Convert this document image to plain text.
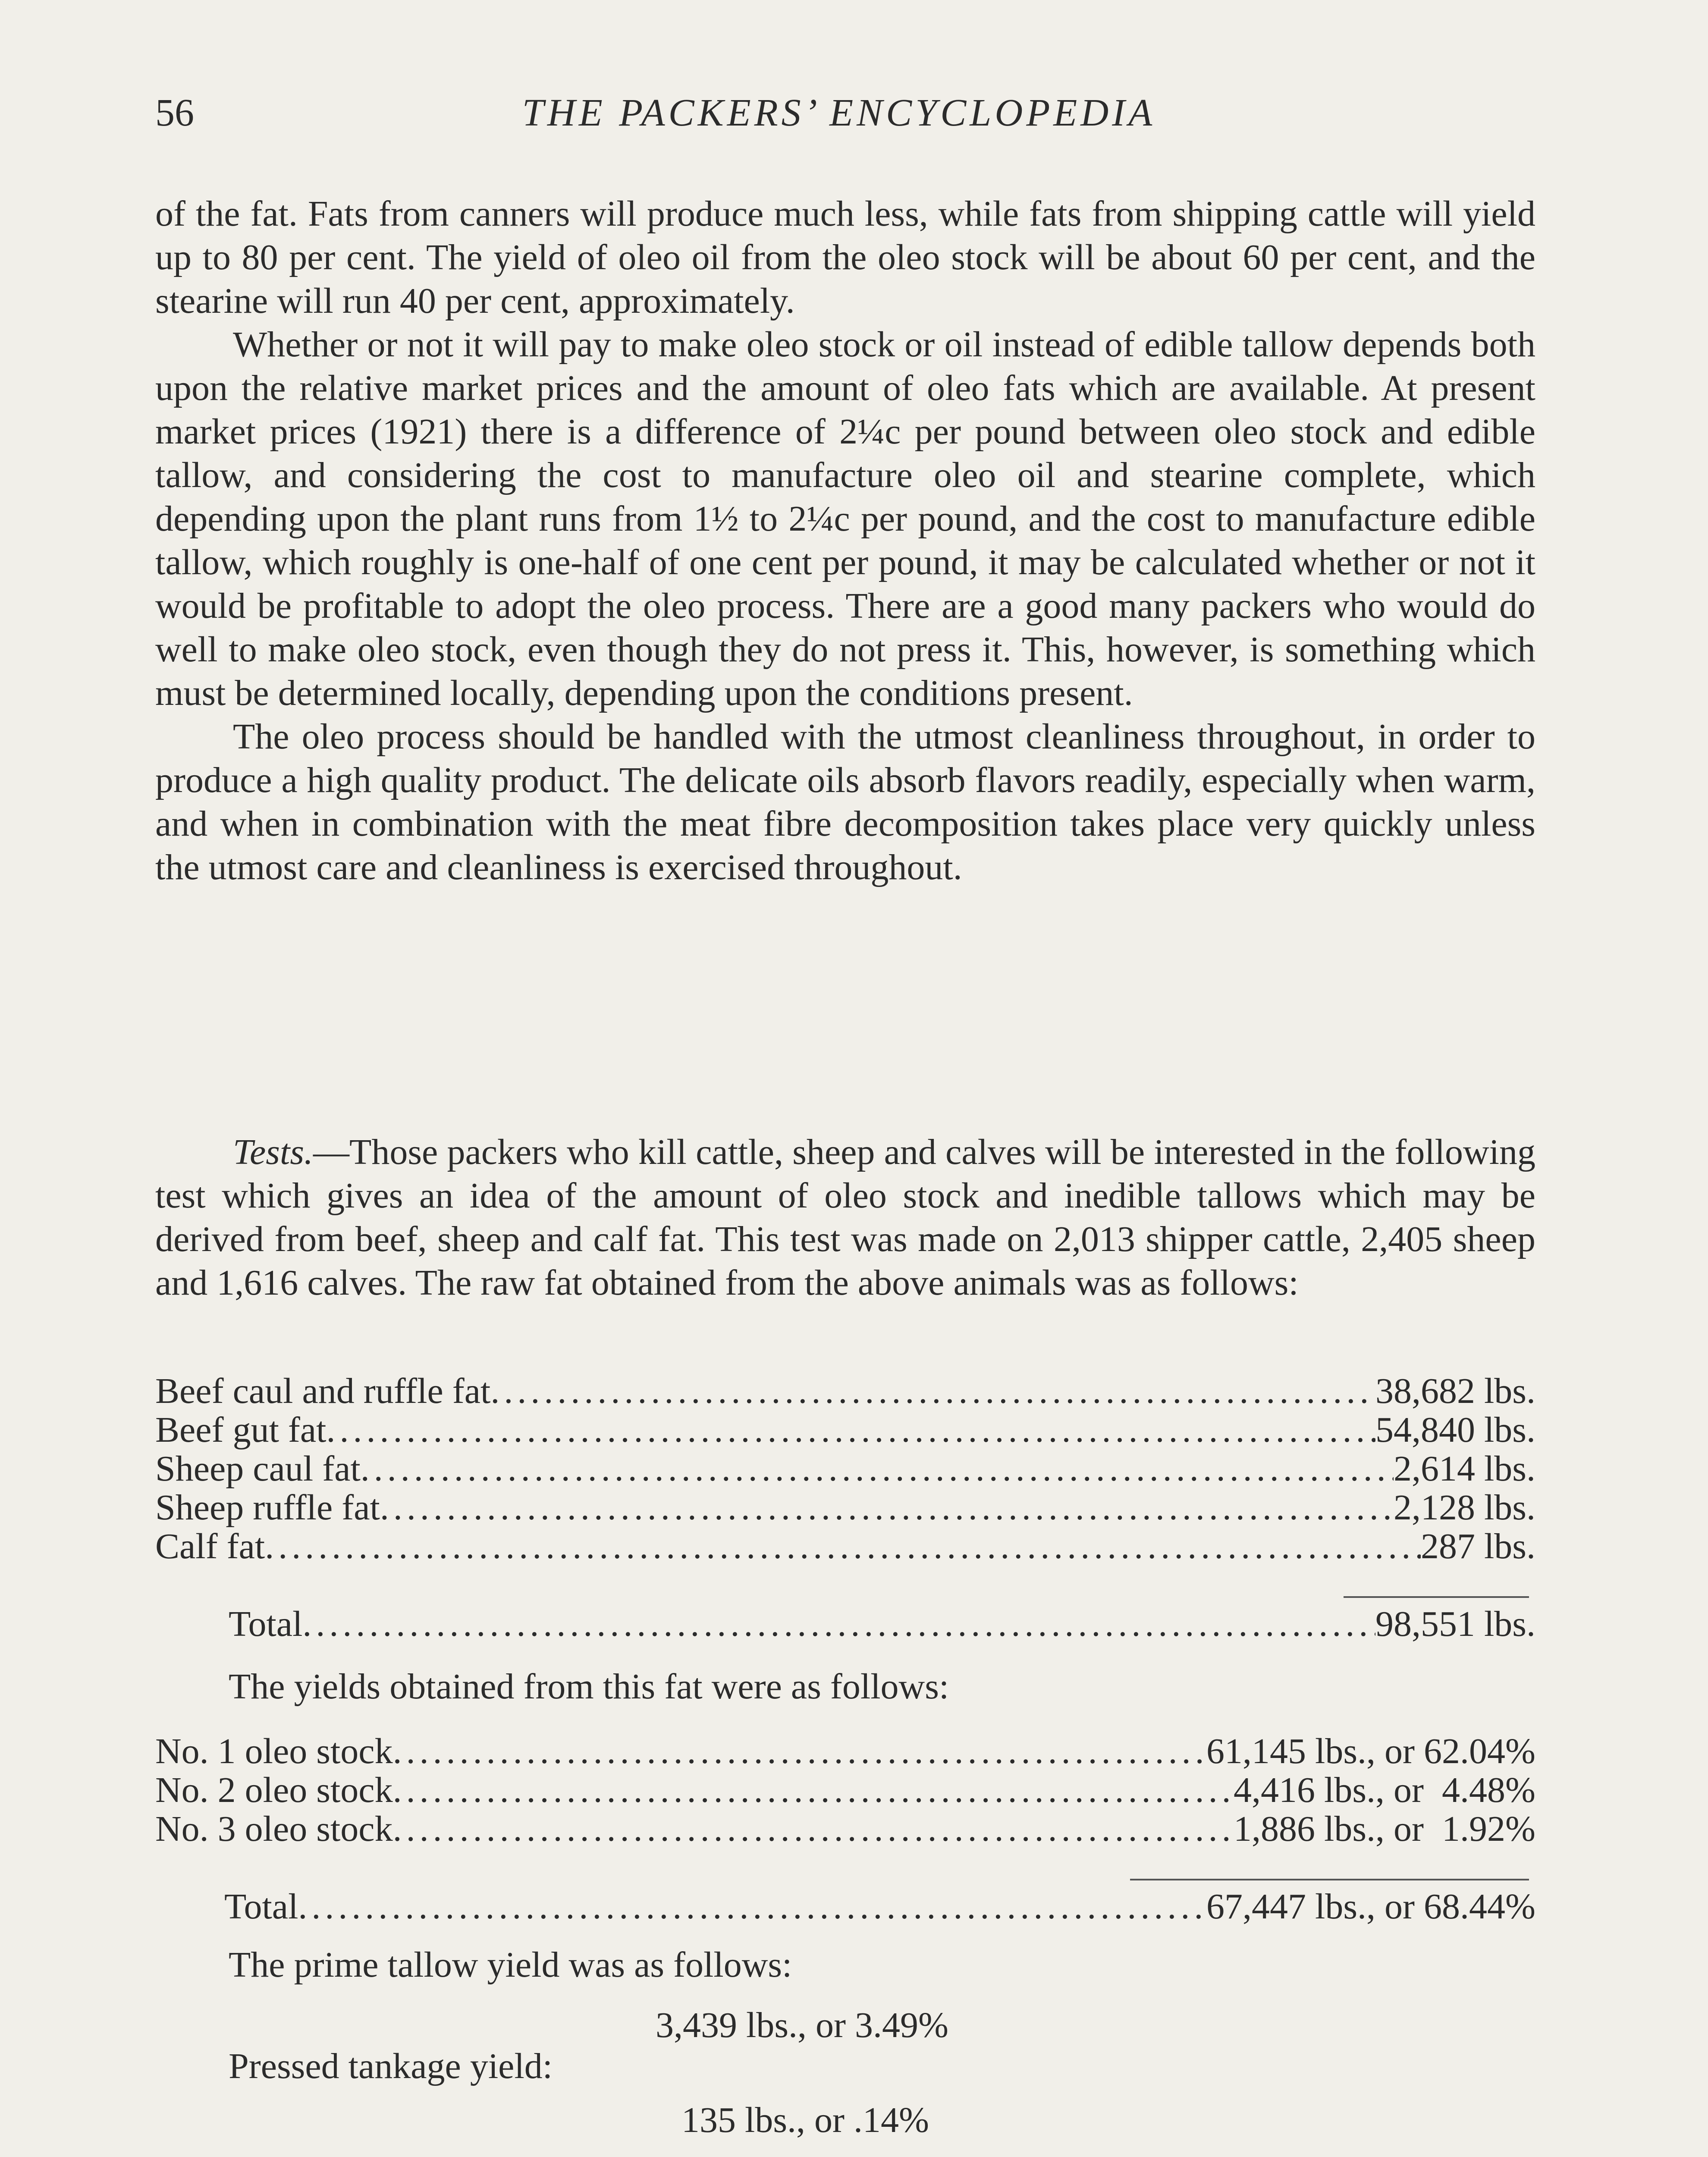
56	THE PACKERS’ ENCYCLOPEDIA

of the fat. Fats from canners will produce much less, while fats from shipping cattle will yield up to 80 per cent. The yield of oleo oil from the oleo stock will be about 60 per cent, and the stearine will run 40 per cent, approximately.

Whether or not it will pay to make oleo stock or oil instead of edible tallow depends both upon the relative market prices and the amount of oleo fats which are available. At present market prices (1921) there is a difference of 2¼c per pound between oleo stock and edible tallow, and considering the cost to manufacture oleo oil and stearine complete, which depending upon the plant runs from 1½ to 2¼c per pound, and the cost to manufacture edible tallow, which roughly is one-half of one cent per pound, it may be calculated whether or not it would be profitable to adopt the oleo process. There are a good many packers who would do well to make oleo stock, even though they do not press it. This, however, is something which must be determined locally, depending upon the conditions present.

The oleo process should be handled with the utmost cleanliness throughout, in order to produce a high quality product. The delicate oils absorb flavors readily, especially when warm, and when in combination with the meat fibre decomposition takes place very quickly unless the utmost care and cleanliness is exercised throughout.

Tests.—Those packers who kill cattle, sheep and calves will be interested in the following test which gives an idea of the amount of oleo stock and inedible tallows which may be derived from beef, sheep and calf fat. This test was made on 2,013 shipper cattle, 2,405 sheep and 1,616 calves. The raw fat obtained from the above animals was as follows:

Beef caul and ruffle fat .....	38,682 lbs.
Beef gut fat .....	54,840 lbs.
Sheep caul fat .....	2,614 lbs.
Sheep ruffle fat .....	2,128 lbs.
Calf fat .....	287 lbs.
Total .....	98,551 lbs.
The yields obtained from this fat were as follows:
No. 1 oleo stock .....	61,145 lbs., or 62.04%
No. 2 oleo stock .....	4,416 lbs., or  4.48%
No. 3 oleo stock .....	1,886 lbs., or  1.92%
Total .....	67,447 lbs., or 68.44%
The prime tallow yield was as follows:
3,439 lbs., or 3.49%
Pressed tankage yield:
135 lbs., or .14%
